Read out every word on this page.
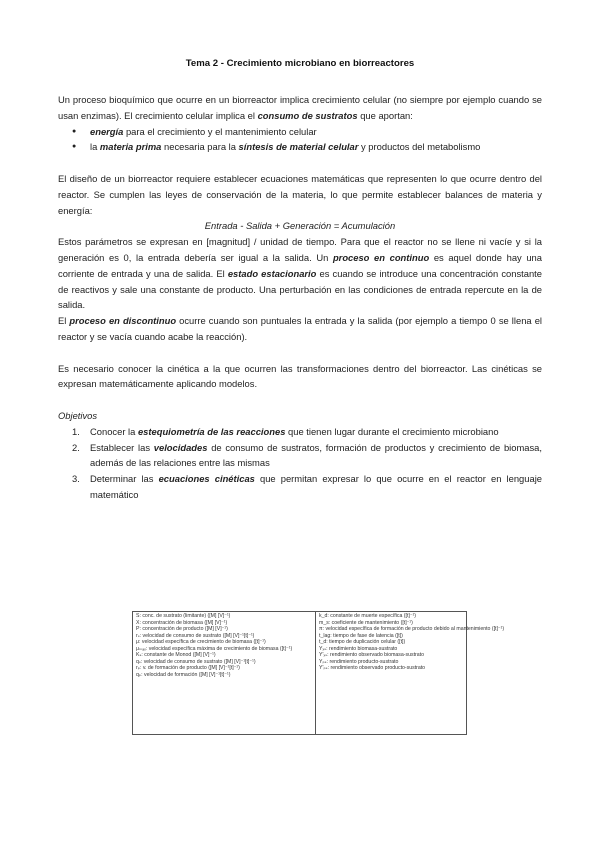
Tema 2 - Crecimiento microbiano en biorreactores

Un proceso bioquímico que ocurre en un biorreactor implica crecimiento celular (no siempre por ejemplo cuando se usan enzimas). El crecimiento celular implica el consumo de sustratos que aportan:

● energía para el crecimiento y el mantenimiento celular
● la materia prima necesaria para la síntesis de material celular y productos del metabolismo

El diseño de un biorreactor requiere establecer ecuaciones matemáticas que representen lo que ocurre dentro del reactor. Se cumplen las leyes de conservación de la materia, lo que permite establecer balances de materia y energía:

Entrada - Salida + Generación = Acumulación

Estos parámetros se expresan en [magnitud] / unidad de tiempo. Para que el reactor no se llene ni vacíe y si la generación es 0, la entrada debería ser igual a la salida. Un proceso en continuo es aquel donde hay una corriente de entrada y una de salida. El estado estacionario es cuando se introduce una concentración constante de reactivos y sale una constante de producto. Una perturbación en las condiciones de entrada repercute en la de salida.

El proceso en discontinuo ocurre cuando son puntuales la entrada y la salida (por ejemplo a tiempo 0 se llena el reactor y se vacía cuando acabe la reacción).

Es necesario conocer la cinética a la que ocurren las transformaciones dentro del biorreactor. Las cinéticas se expresan matemáticamente aplicando modelos.

Objetivos

1. Conocer la estequiometría de las reacciones que tienen lugar durante el crecimiento microbiano
2. Establecer las velocidades de consumo de sustratos, formación de productos y crecimiento de biomasa, además de las relaciones entre las mismas
3. Determinar las ecuaciones cinéticas que permitan expresar lo que ocurre en el reactor en lenguaje matemático
S: conc. de sustrato (limitante) ([M] [V]⁻¹)
X: concentración de biomasa ([M] [V]⁻¹)
P: concentración de producto ([M] [V]⁻¹)
rₛ: velocidad de consumo de sustrato ([M] [V]⁻¹[t]⁻¹)
μ: velocidad específica de crecimiento de biomasa ([t]⁻¹)
μₘₐₓ: velocidad específica máxima de crecimiento de biomasa ([t]⁻¹)
Kₛ: constante de Monod ([M] [V]⁻¹)
qₛ: velocidad de consumo de sustrato ([M] [V]⁻¹[t]⁻¹)
rₚ: v. de formación de producto ([M] [V]⁻¹[t]⁻¹)
qₚ: velocidad de formación ([M] [V]⁻¹[t]⁻¹)
k_d: constante de muerte específica ([t]⁻¹)
m_s: coeficiente de mantenimiento ([t]⁻¹)
π: velocidad específica de formación de producto debido al mantenimiento ([t]⁻¹)
t_lag: tiempo de fase de latencia ([t])
t_d: tiempo de duplicación celular ([t])
Yₓₛ: rendimiento biomasa-sustrato
Y'ₓₛ: rendimiento observado biomasa-sustrato
Yₚₛ: rendimiento producto-sustrato
Y'ₚₛ: rendimiento observado producto-sustrato
